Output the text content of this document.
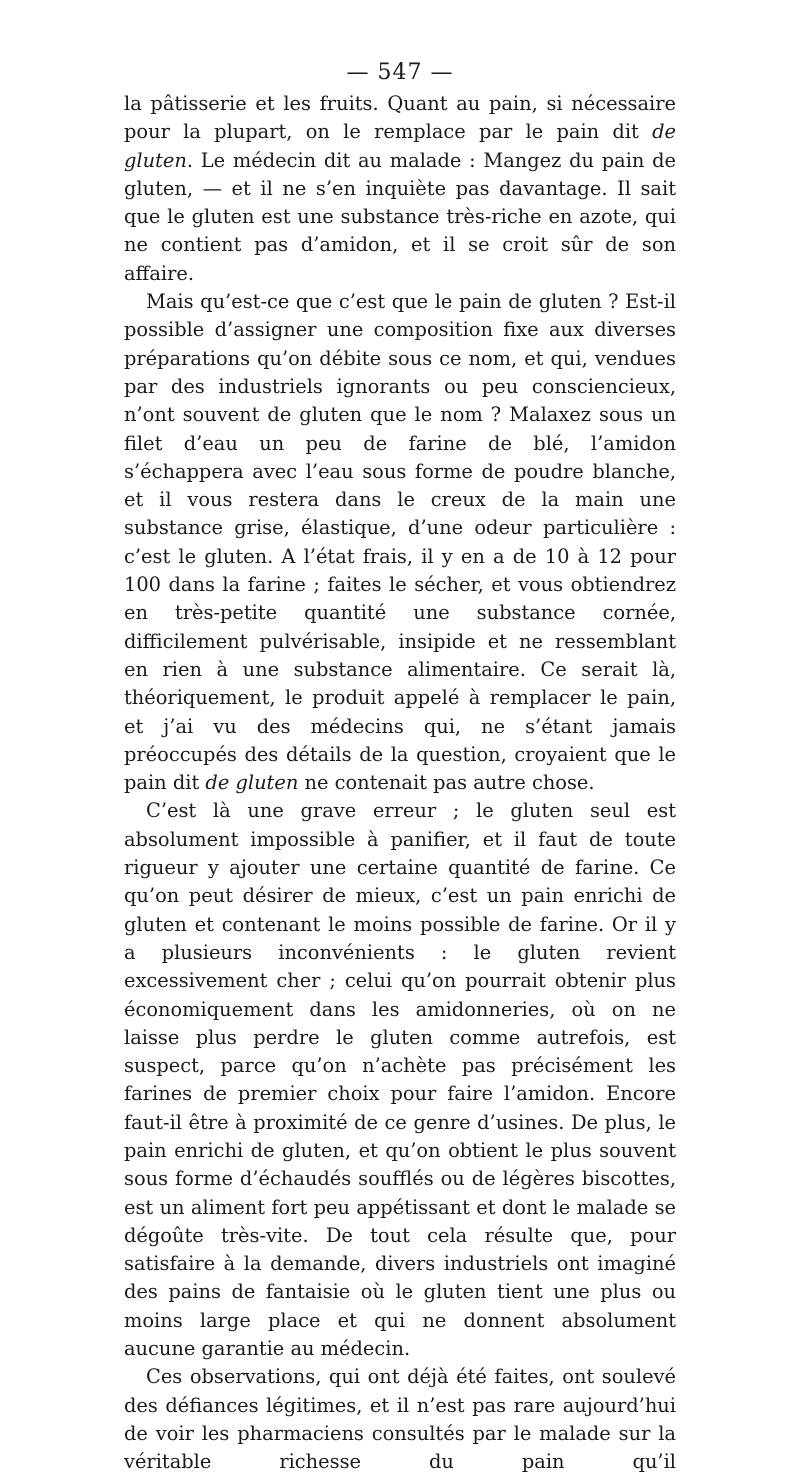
— 547 —

la pâtisserie et les fruits. Quant au pain, si nécessaire pour la plupart, on le remplace par le pain dit de gluten. Le médecin dit au malade : Mangez du pain de gluten, — et il ne s’en inquiète pas davantage. Il sait que le gluten est une substance très-riche en azote, qui ne contient pas d’amidon, et il se croit sûr de son affaire.

Mais qu’est-ce que c’est que le pain de gluten ? Est-il possible d’assigner une composition fixe aux diverses préparations qu’on débite sous ce nom, et qui, vendues par des industriels ignorants ou peu consciencieux, n’ont souvent de gluten que le nom ? Malaxez sous un filet d’eau un peu de farine de blé, l’amidon s’échappera avec l’eau sous forme de poudre blanche, et il vous restera dans le creux de la main une substance grise, élastique, d’une odeur particulière : c’est le gluten. A l’état frais, il y en a de 10 à 12 pour 100 dans la farine ; faites le sécher, et vous obtiendrez en très-petite quantité une substance cornée, difficilement pulvérisable, insipide et ne ressemblant en rien à une substance alimentaire. Ce serait là, théoriquement, le produit appelé à remplacer le pain, et j’ai vu des médecins qui, ne s’étant jamais préoccupés des détails de la question, croyaient que le pain dit de gluten ne contenait pas autre chose.

C’est là une grave erreur ; le gluten seul est absolument impossible à panifier, et il faut de toute rigueur y ajouter une certaine quantité de farine. Ce qu’on peut désirer de mieux, c’est un pain enrichi de gluten et contenant le moins possible de farine. Or il y a plusieurs inconvénients : le gluten revient excessivement cher ; celui qu’on pourrait obtenir plus économiquement dans les amidonneries, où on ne laisse plus perdre le gluten comme autrefois, est suspect, parce qu’on n’achète pas précisément les farines de premier choix pour faire l’amidon. Encore faut-il être à proximité de ce genre d’usines. De plus, le pain enrichi de gluten, et qu’on obtient le plus souvent sous forme d’échaudés soufflés ou de légères biscottes, est un aliment fort peu appétissant et dont le malade se dégoûte très-vite. De tout cela résulte que, pour satisfaire à la demande, divers industriels ont imaginé des pains de fantaisie où le gluten tient une plus ou moins large place et qui ne donnent absolument aucune garantie au médecin.

Ces observations, qui ont déjà été faites, ont soulevé des défiances légitimes, et il n’est pas rare aujourd’hui de voir les pharmaciens consultés par le malade sur la véritable richesse du pain qu’il
